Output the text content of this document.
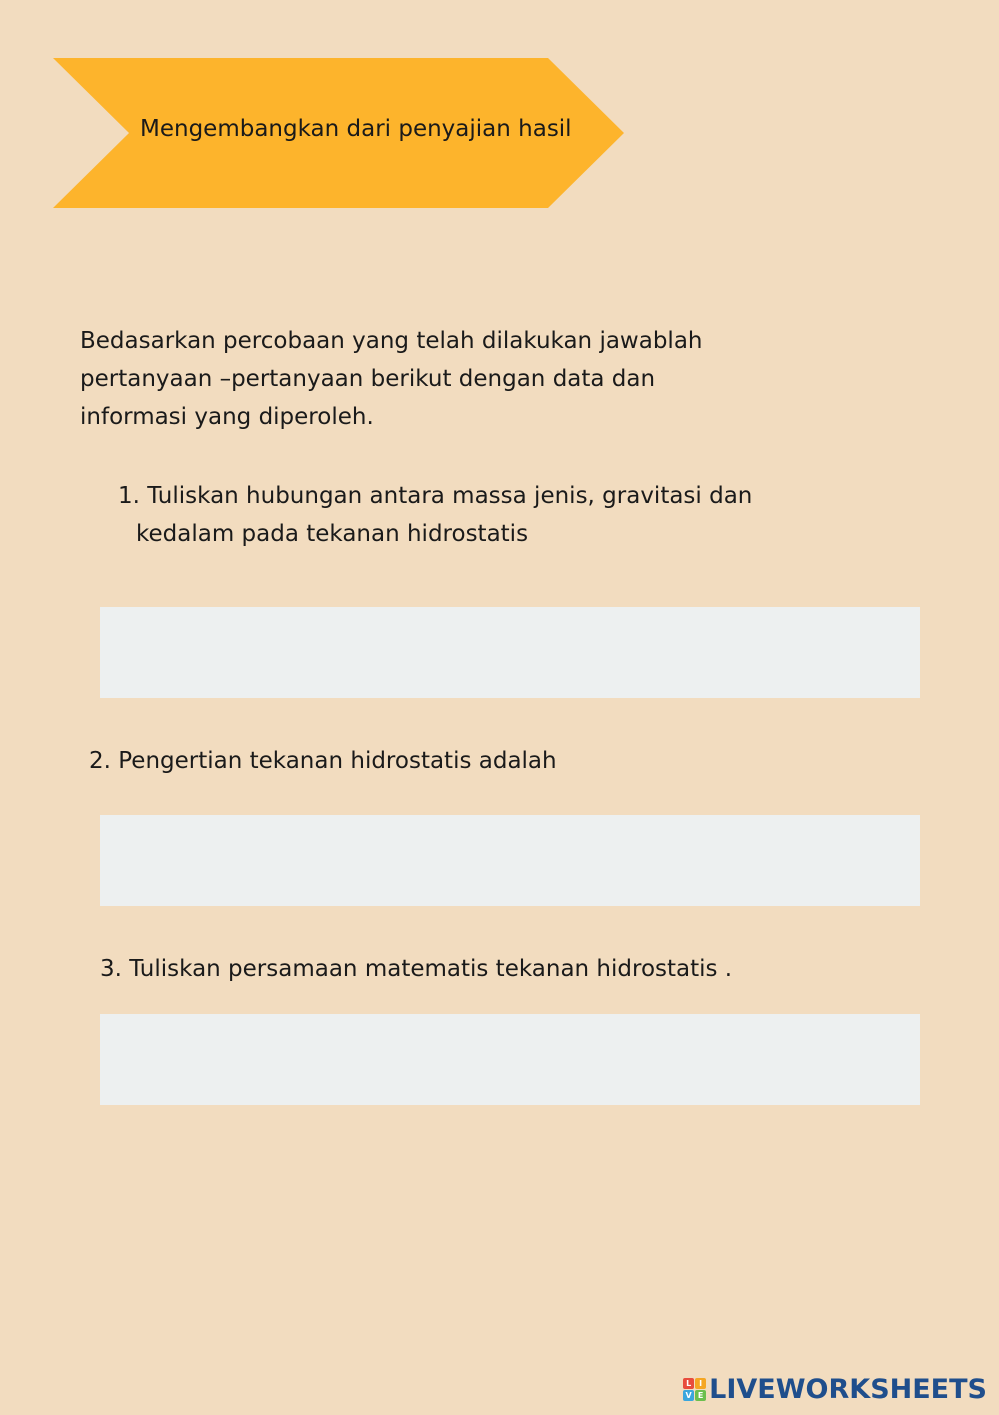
Mengembangkan dari penyajian hasil
Bedasarkan percobaan yang telah dilakukan jawablah
pertanyaan –pertanyaan berikut dengan data dan
informasi yang diperoleh.
1. Tuliskan hubungan antara massa jenis, gravitasi dan
kedalam pada tekanan hidrostatis
2. Pengertian tekanan hidrostatis adalah
3. Tuliskan persamaan matematis tekanan hidrostatis .
L I
V E LIVEWORKSHEETS
